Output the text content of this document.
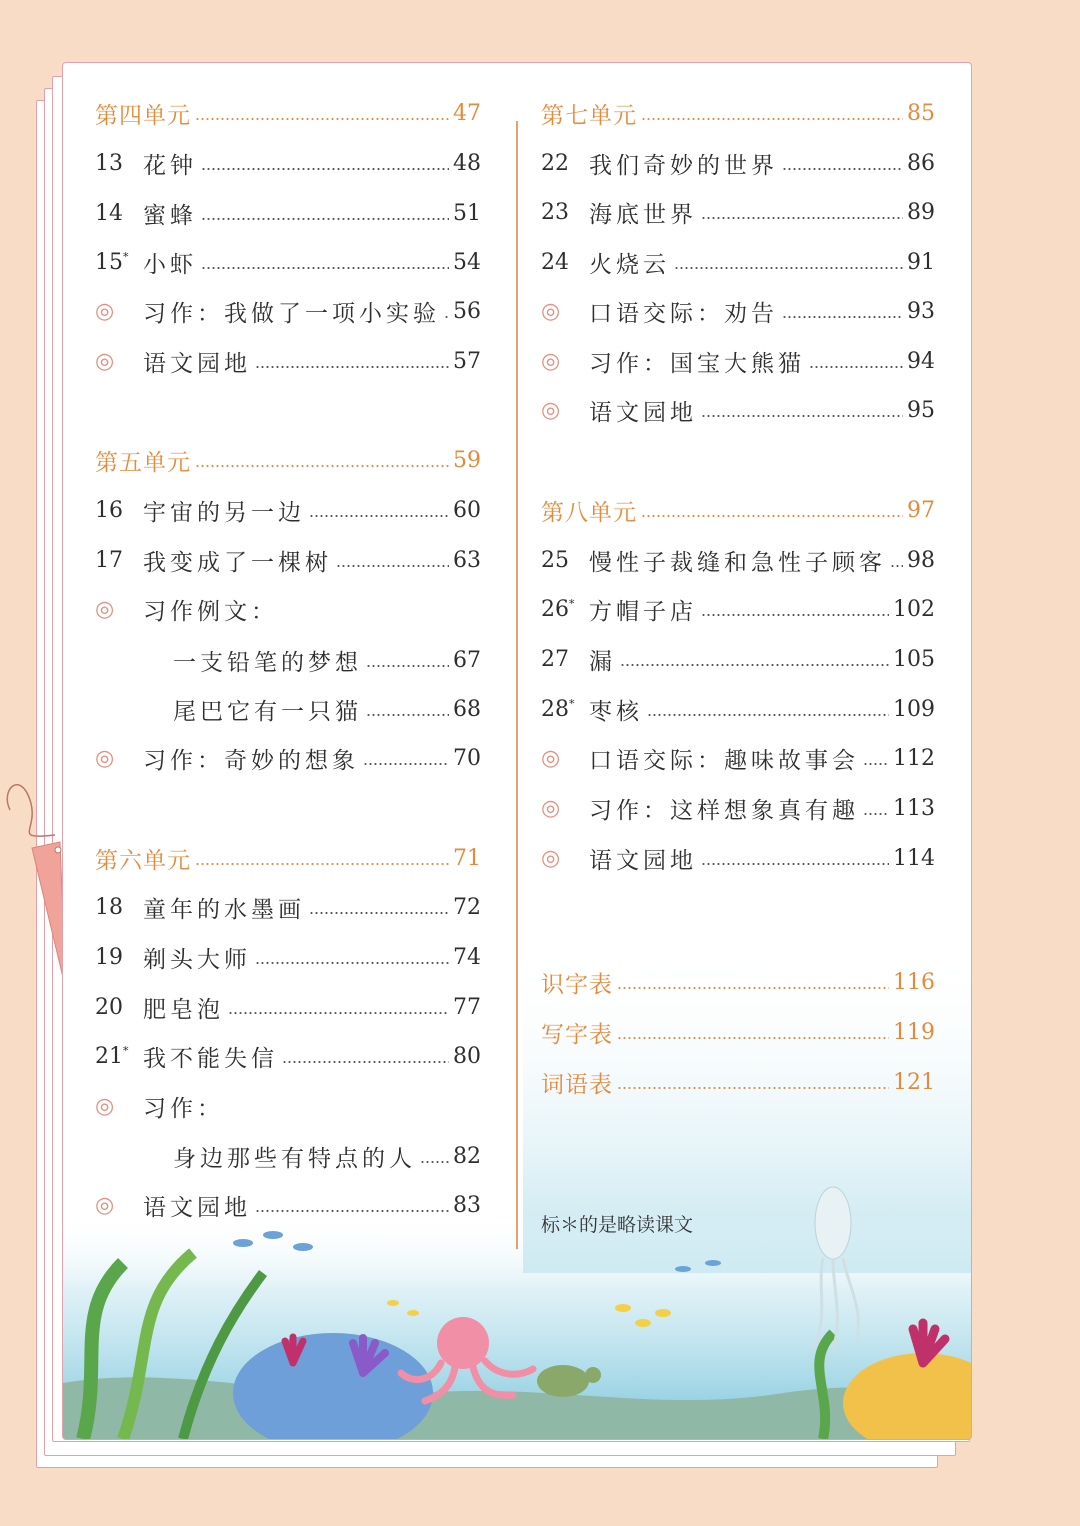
第四单元	47
13 花钟	48
14 蜜蜂	51
15* 小虾	54
◎	习作：我做了一项小实验 56
◎	语文园地	57
第五单元	59
16 宇宙的另一边	60
17 我变成了一棵树	63
◎	习作例文：
一支铅笔的梦想	67
尾巴它有一只猫	68
◎	习作：奇妙的想象	70
第六单元	71
18 童年的水墨画	72
19 剃头大师	74
20 肥皂泡	77
21* 我不能失信	80
◎	习作：
身边那些有特点的人 82
◎	语文园地	83
第七单元	85
22 我们奇妙的世界	86
23 海底世界	89
24 火烧云	91
◎	口语交际：劝告	93
◎	习作：国宝大熊猫	94
◎	语文园地	95
第八单元	97
25 慢性子裁缝和急性子顾客 98
26* 方帽子店	102
27 漏	105
28* 枣核	109
◎	口语交际：趣味故事会 112
◎	习作：这样想象真有趣 113
◎	语文园地	114
识字表	116
写字表	119
词语表	121
标＊的是略读课文
